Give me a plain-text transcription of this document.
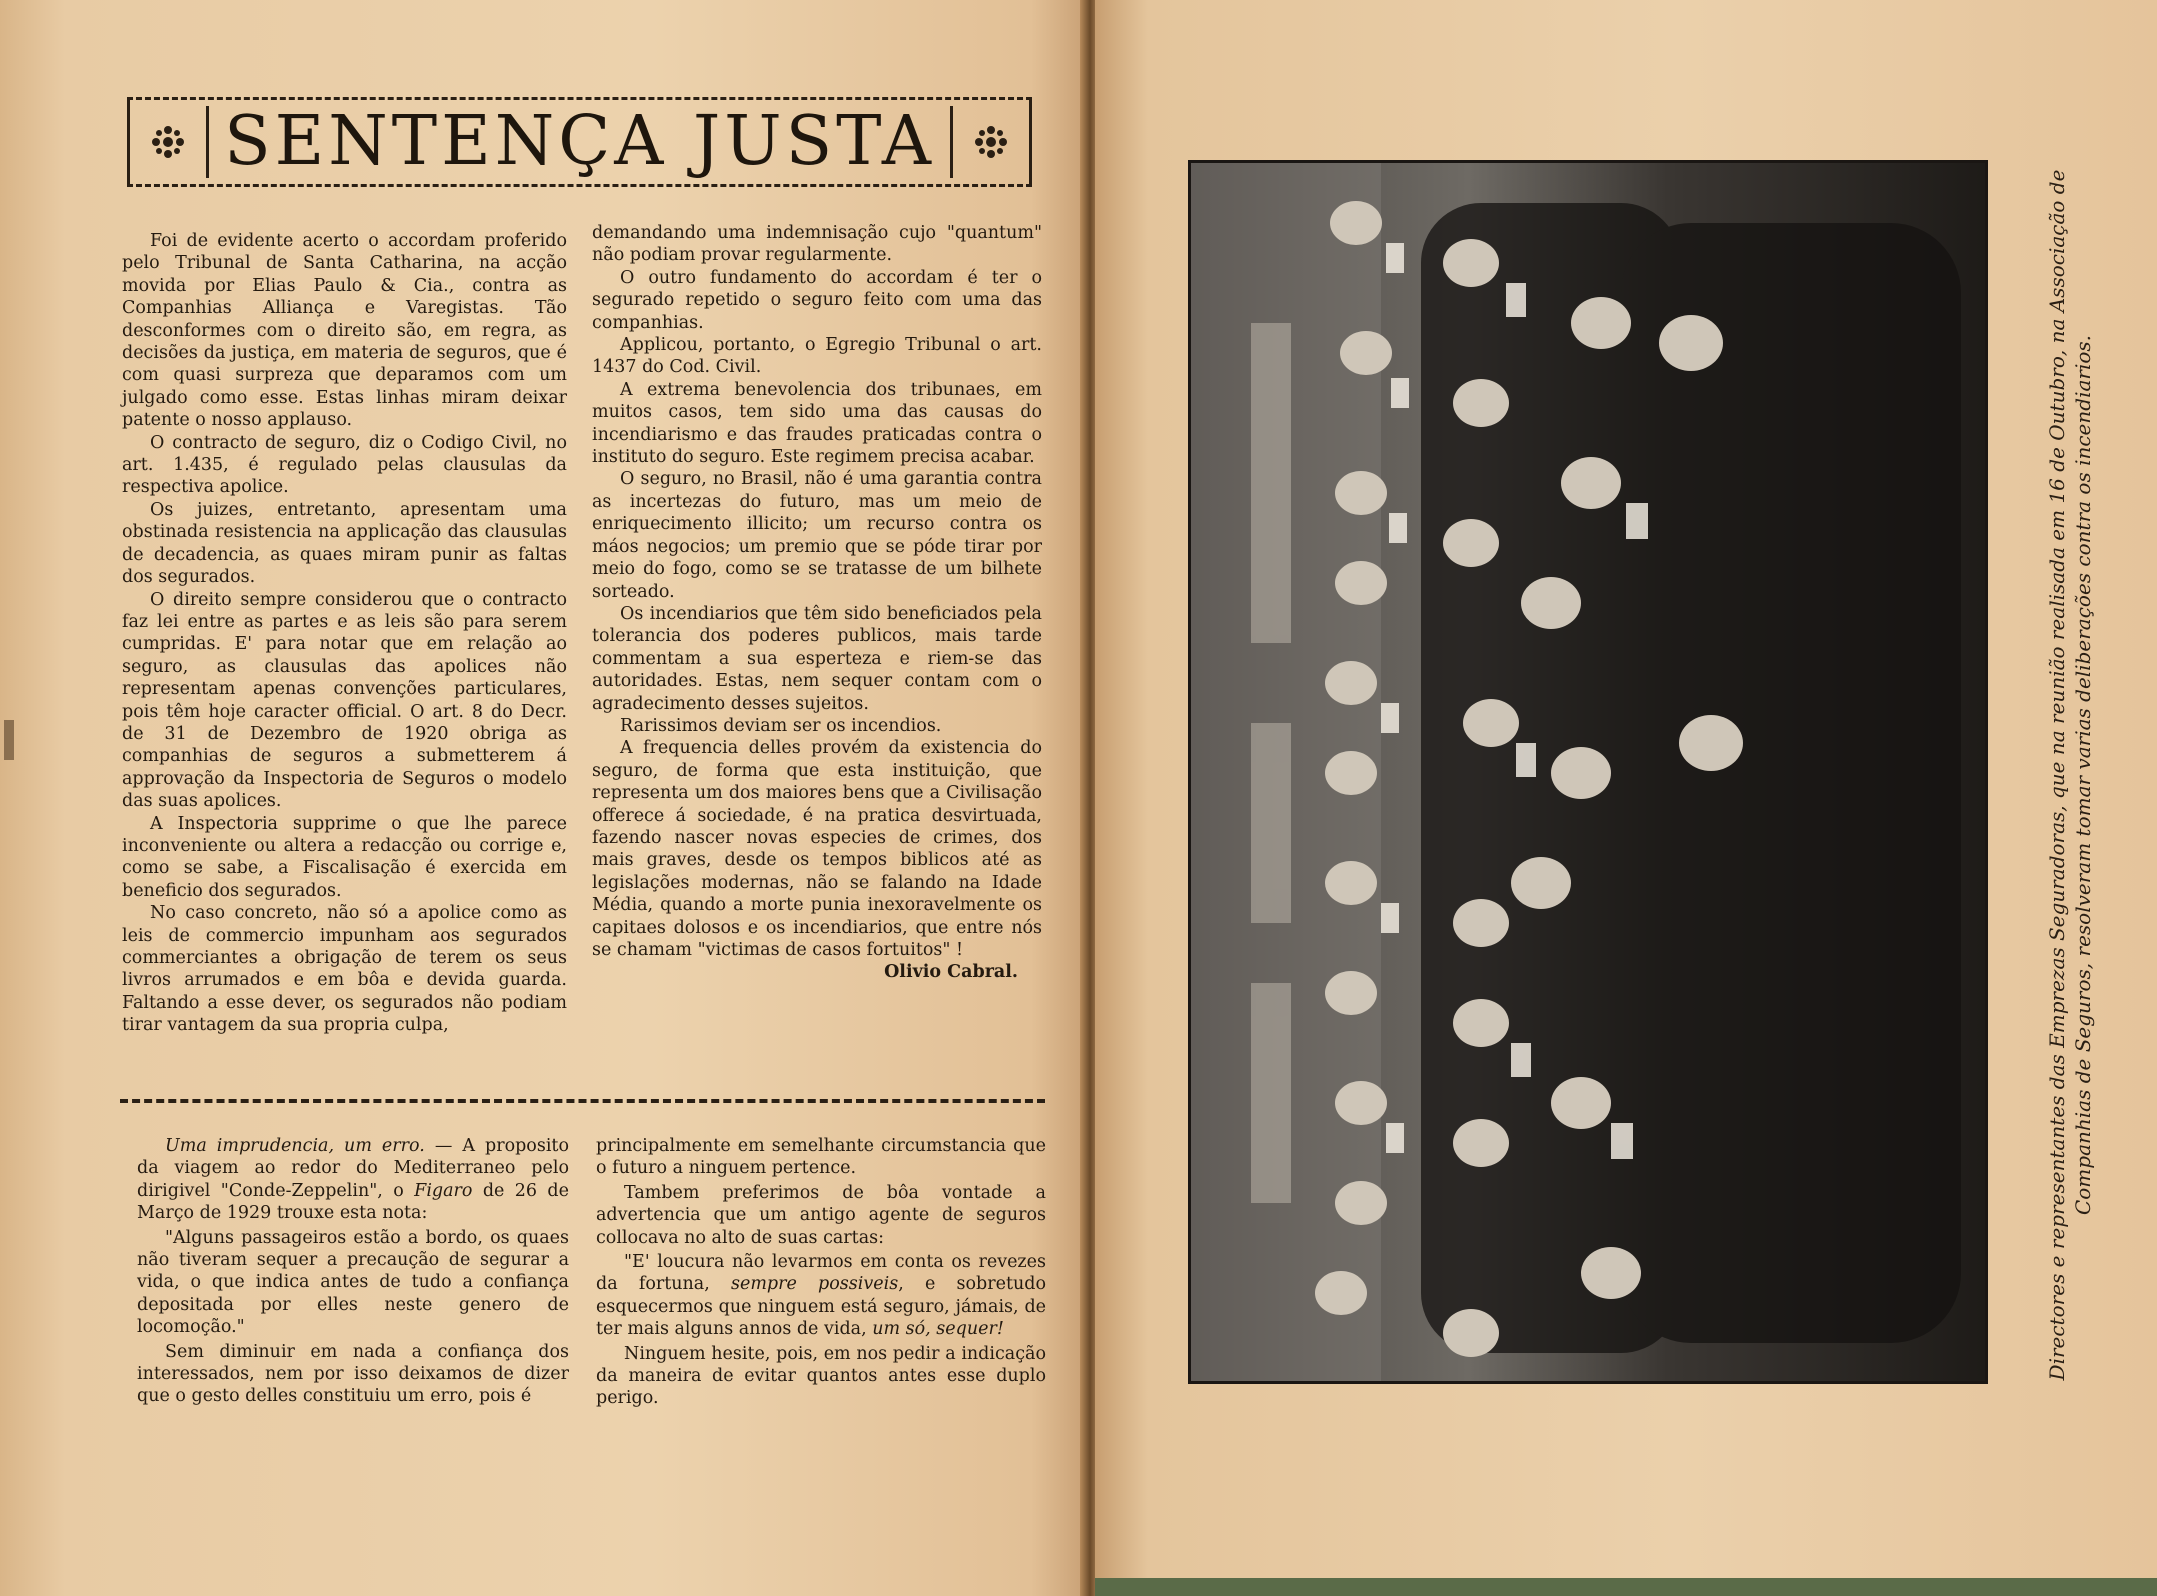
SENTENÇA JUSTA

Foi de evidente acerto o accordam proferido pelo Tribunal de Santa Catharina, na acção movida por Elias Paulo & Cia., contra as Companhias Alliança e Varegistas. Tão desconformes com o direito são, em regra, as decisões da justiça, em materia de seguros, que é com quasi surpreza que deparamos com um julgado como esse. Estas linhas miram deixar patente o nosso applauso.

O contracto de seguro, diz o Codigo Civil, no art. 1.435, é regulado pelas clausulas da respectiva apolice.

Os juizes, entretanto, apresentam uma obstinada resistencia na applicação das clausulas de decadencia, as quaes miram punir as faltas dos segurados.

O direito sempre considerou que o contracto faz lei entre as partes e as leis são para serem cumpridas. E' para notar que em relação ao seguro, as clausulas das apolices não representam apenas convenções particulares, pois têm hoje caracter official. O art. 8 do Decr. de 31 de Dezembro de 1920 obriga as companhias de seguros a submetterem á approvação da Inspectoria de Seguros o modelo das suas apolices.

A Inspectoria supprime o que lhe parece inconveniente ou altera a redacção ou corrige e, como se sabe, a Fiscalisação é exercida em beneficio dos segurados.

No caso concreto, não só a apolice como as leis de commercio impunham aos segurados commerciantes a obrigação de terem os seus livros arrumados e em bôa e devida guarda. Faltando a esse dever, os segurados não podiam tirar vantagem da sua propria culpa,

demandando uma indemnisação cujo "quantum" não podiam provar regularmente.

O outro fundamento do accordam é ter o segurado repetido o seguro feito com uma das companhias.

Applicou, portanto, o Egregio Tribunal o art. 1437 do Cod. Civil.

A extrema benevolencia dos tribunaes, em muitos casos, tem sido uma das causas do incendiarismo e das fraudes praticadas contra o instituto do seguro. Este regimem precisa acabar.

O seguro, no Brasil, não é uma garantia contra as incertezas do futuro, mas um meio de enriquecimento illicito; um recurso contra os máos negocios; um premio que se póde tirar por meio do fogo, como se se tratasse de um bilhete sorteado.

Os incendiarios que têm sido beneficiados pela tolerancia dos poderes publicos, mais tarde commentam a sua esperteza e riem-se das autoridades. Estas, nem sequer contam com o agradecimento desses sujeitos.

Rarissimos deviam ser os incendios.

A frequencia delles provém da existencia do seguro, de forma que esta instituição, que representa um dos maiores bens que a Civilisação offerece á sociedade, é na pratica desvirtuada, fazendo nascer novas especies de crimes, dos mais graves, desde os tempos biblicos até as legislações modernas, não se falando na Idade Média, quando a morte punia inexoravelmente os capitaes dolosos e os incendiarios, que entre nós se chamam "victimas de casos fortuitos" !

Olivio Cabral.

Uma imprudencia, um erro. — A proposito da viagem ao redor do Mediterraneo pelo dirigivel "Conde-Zeppelin", o Figaro de 26 de Março de 1929 trouxe esta nota:

"Alguns passageiros estão a bordo, os quaes não tiveram sequer a precaução de segurar a vida, o que indica antes de tudo a confiança depositada por elles neste genero de locomoção."

Sem diminuir em nada a confiança dos interessados, nem por isso deixamos de dizer que o gesto delles constituiu um erro, pois é

principalmente em semelhante circumstancia que o futuro a ninguem pertence.

Tambem preferimos de bôa vontade a advertencia que um antigo agente de seguros collocava no alto de suas cartas:

"E' loucura não levarmos em conta os revezes da fortuna, sempre possiveis, e sobretudo esquecermos que ninguem está seguro, jámais, de ter mais alguns annos de vida, um só, sequer!

Ninguem hesite, pois, em nos pedir a indicação da maneira de evitar quantos antes esse duplo perigo.

Directores e representantes das Emprezas Seguradoras, que na reunião realisada em 16 de Outubro, na Associação de Companhias de Seguros, resolveram tomar varias deliberações contra os incendiarios.
